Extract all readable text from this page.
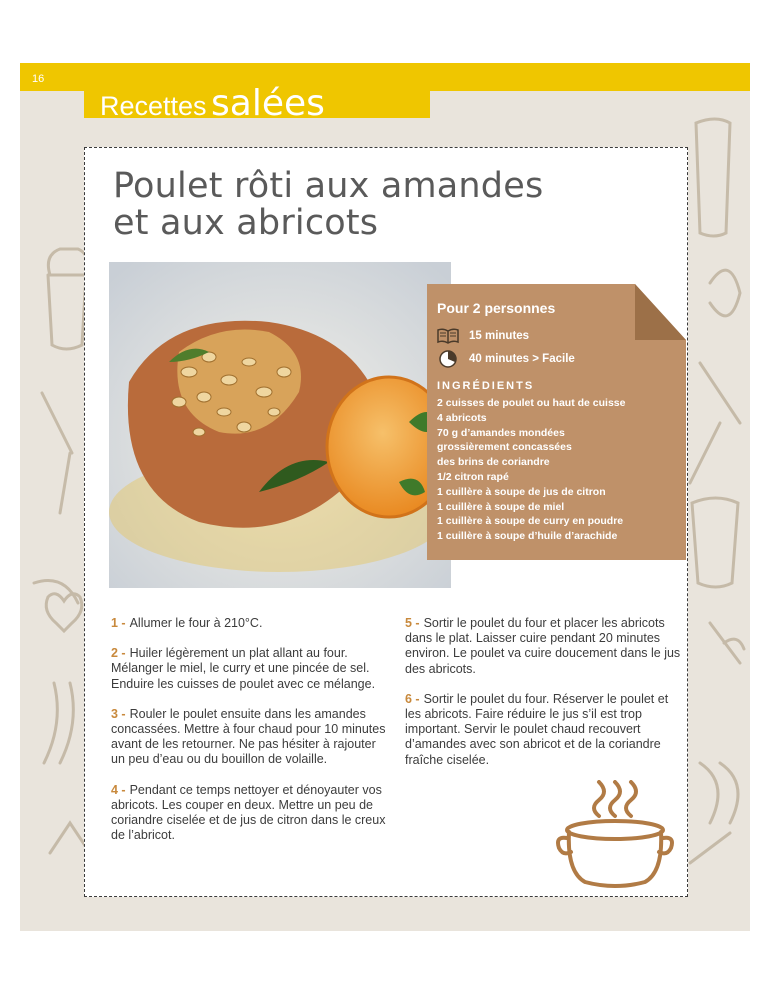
16
Recettes salées
Poulet rôti aux amandes
et aux abricots
Pour 2 personnes
15 minutes
40 minutes > Facile
INGRÉDIENTS
2 cuisses de poulet ou haut de cuisse
4 abricots
70 g d’amandes mondées
grossièrement concassées
des brins de coriandre
1/2 citron rapé
1 cuillère à soupe de jus de citron
1 cuillère à soupe de miel
1 cuillère à soupe de curry en poudre
1 cuillère à soupe d’huile d’arachide

1 - Allumer le four à 210°C.

2 - Huiler légèrement un plat allant au four. Mélanger le miel, le curry et une pincée de sel. Enduire les cuisses de poulet avec ce mélange.

3 - Rouler le poulet ensuite dans les amandes concassées. Mettre à four chaud pour 10 minutes avant de les retourner. Ne pas hésiter à rajouter un peu d’eau ou du bouillon de volaille.

4 - Pendant ce temps nettoyer et dénoyauter vos abricots. Les couper en deux. Mettre un peu de coriandre ciselée et de jus de citron dans le creux de l’abricot.

5 - Sortir le poulet du four et placer les abricots dans le plat. Laisser cuire pendant 20 minutes environ. Le poulet va cuire doucement dans le jus des abricots.

6 - Sortir le poulet du four. Réserver le poulet et les abricots. Faire réduire le jus s’il est trop important. Servir le poulet chaud recouvert d’amandes avec son abricot et de la coriandre fraîche ciselée.
